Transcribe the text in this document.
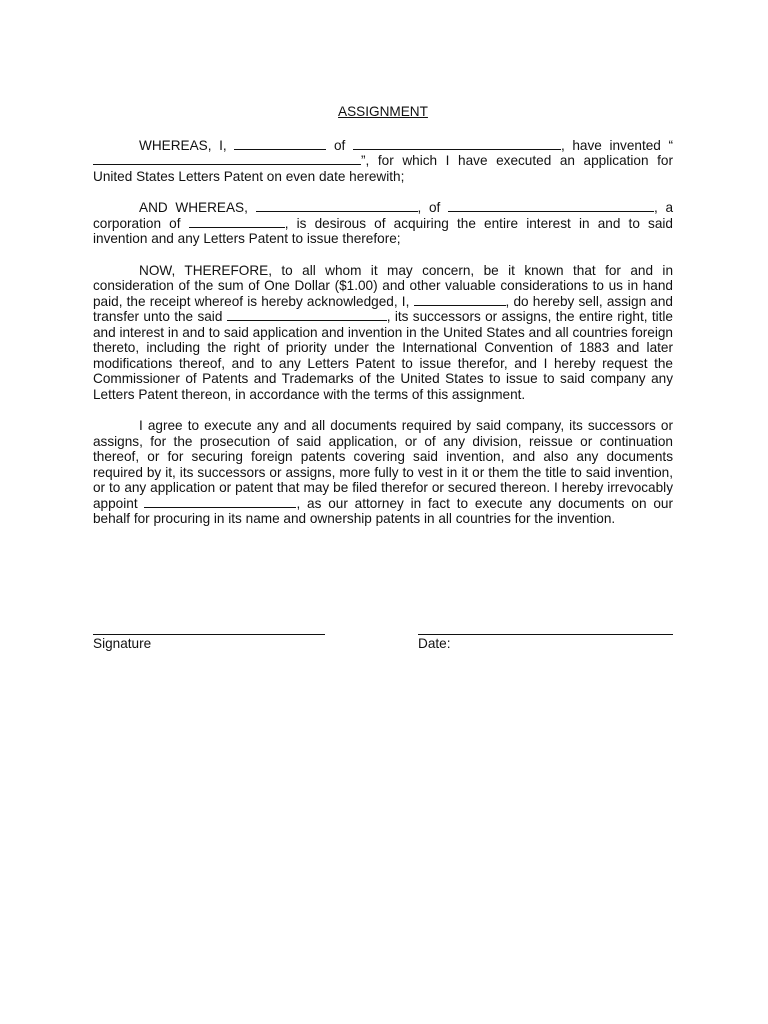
ASSIGNMENT

WHEREAS, I,	of	, have invented “”, for which I have executed an application for United States Letters Patent on even date herewith;

AND WHEREAS,	, of	, a corporation of	, is desirous of acquiring the entire interest in and to said invention and any Letters Patent to issue therefore;

NOW, THEREFORE, to all whom it may concern, be it known that for and in consideration of the sum of One Dollar ($1.00) and other valuable considerations to us in hand paid, the receipt whereof is hereby acknowledged, I,	, do hereby sell, assign and transfer unto the said	, its successors or assigns, the entire right, title and interest in and to said application and invention in the United States and all countries foreign thereto, including the right of priority under the International Convention of 1883 and later modifications thereof, and to any Letters Patent to issue therefor, and I hereby request the Commissioner of Patents and Trademarks of the United States to issue to said company any Letters Patent thereon, in accordance with the terms of this assignment.

I agree to execute any and all documents required by said company, its successors or assigns, for the prosecution of said application, or of any division, reissue or continuation thereof, or for securing foreign patents covering said invention, and also any documents required by it, its successors or assigns, more fully to vest in it or them the title to said invention, or to any application or patent that may be filed therefor or secured thereon. I hereby irrevocably appoint	, as our attorney in fact to execute any documents on our behalf for procuring in its name and ownership patents in all countries for the invention.

Signature	Date:
